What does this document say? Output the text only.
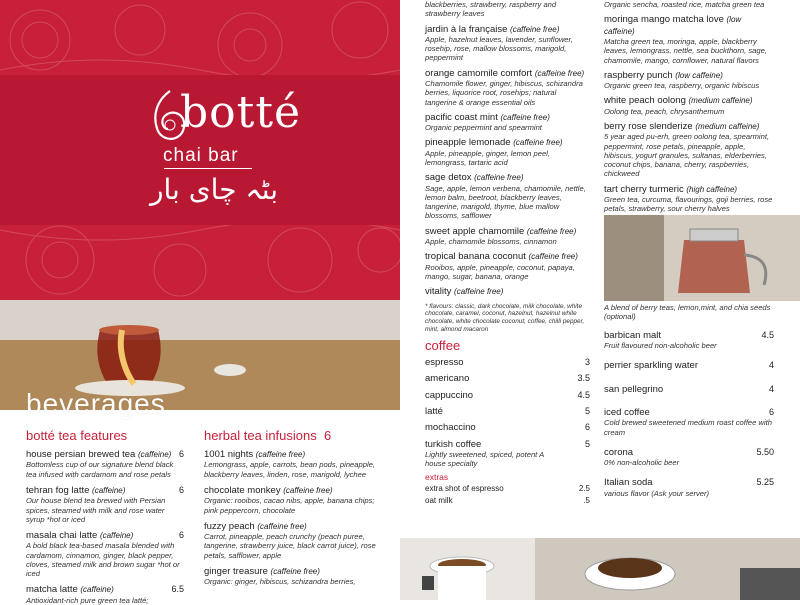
botté
chai bar
بٹہ چای بار
beverages
botté tea features
house persian brewed tea (caffeine) 6
Bottomless cup of our signature blend black tea infused with cardamom and rose petals
tehran fog latte (caffeine)	6
Our house blend tea brewed with Persian spices, steamed with milk and rose water syrup *hot or iced
masala chai latte (caffeine)	6
A bold black tea-based masala blended with cardamom, cinnamon, ginger, black pepper, cloves, steamed milk and brown sugar *hot or iced
matcha latte (caffeine)	6.5
Antioxidant-rich pure green tea latté;
herbal tea infusions 6
1001 nights (caffeine free)
Lemongrass, apple, carrots, bean pods, pineapple, blackberry leaves, linden, rose, marigold, lychee
chocolate monkey (caffeine free)
Organic: rooibos, cacao nibs, apple, banana chips; pink peppercorn, chocolate
fuzzy peach (caffeine free)
Carrot, pineapple, peach crunchy (peach puree, tangerine, strawberry juice, black carrot juice), rose petals, safflower, apple
ginger treasure (caffeine free)
Organic: ginger, hibiscus, schizandra berries,
blackberries, strawberry, raspberry and strawberry leaves
jardin à la française (caffeine free)
Apple, hazelnut leaves, lavender, sunflower, rosehip, rose, mallow blossoms, marigold, peppermint
orange camomile comfort (caffeine free)
Chamomile flower, ginger, hibiscus, schizandra berries, liquorice root, rosehips; natural tangerine & orange essential oils
pacific coast mint (caffeine free)
Organic peppermint and spearmint
pineapple lemonade (caffeine free)
Apple, pineapple, ginger, lemon peel, lemongrass, tartaric acid
sage detox (caffeine free)
Sage, apple, lemon verbena, chamomile, nettle, lemon balm, beetroot, blackberry leaves, tangerine, marigold, thyme, blue mallow blossoms, safflower
sweet apple chamomile (caffeine free)
Apple, chamomile blossoms, cinnamon
tropical banana coconut (caffeine free)
Rooibos, apple, pineapple, coconut, papaya, mango, sugar, banana, orange
vitality (caffeine free)
* flavours: classic, dark chocolate, milk chocolate, white chocolate, caramel, coconut, hazelnut, hazelnut white chocolate, white chocolate coconut, coffee, chilli pepper, mint, almond macaron
coffee
espresso	3
americano	3.5
cappuccino	4.5
latté	5
mochaccino	6
turkish coffee	5
Lightly sweetened, spiced, potent A house specialty
extras
extra shot of espresso	2.5
oat milk	.5
Organic sencha, roasted rice, matcha green tea
moringa mango matcha love (low caffeine)
Matcha green tea, moringa, apple, blackberry leaves, lemongrass, nettle, sea buckthorn, sage, chamomile, mango, cornflower, natural flavors
raspberry punch (low caffeine)
Organic green tea, raspberry, organic hibiscus
white peach oolong (medium caffeine)
Oolong tea, peach, chrysanthemum
berry rose slenderize (medium caffeine)
5 year aged pu-erh, green oolong tea, spearmint, peppermint, rose petals, pineapple, apple, hibiscus, yogurt granules, sultanas, elderberries, coconut chips, banana, cherry, raspberries, chickweed
tart cherry turmeric (high caffeine)
Green tea, curcuma, flavourings, goji berries, rose petals, strawberry, sour cherry halves
A blend of berry teas, lemon,mint, and chia seeds (optional)
barbican malt	4.5
Fruit flavoured non-alcoholic beer
perrier sparkling water	4
san pellegrino	4
iced coffee	6
Cold brewed sweetened medium roast coffee with cream
corona	5.50
0% non-alcoholic beer
Italian soda	5.25
various flavor (Ask your server)
